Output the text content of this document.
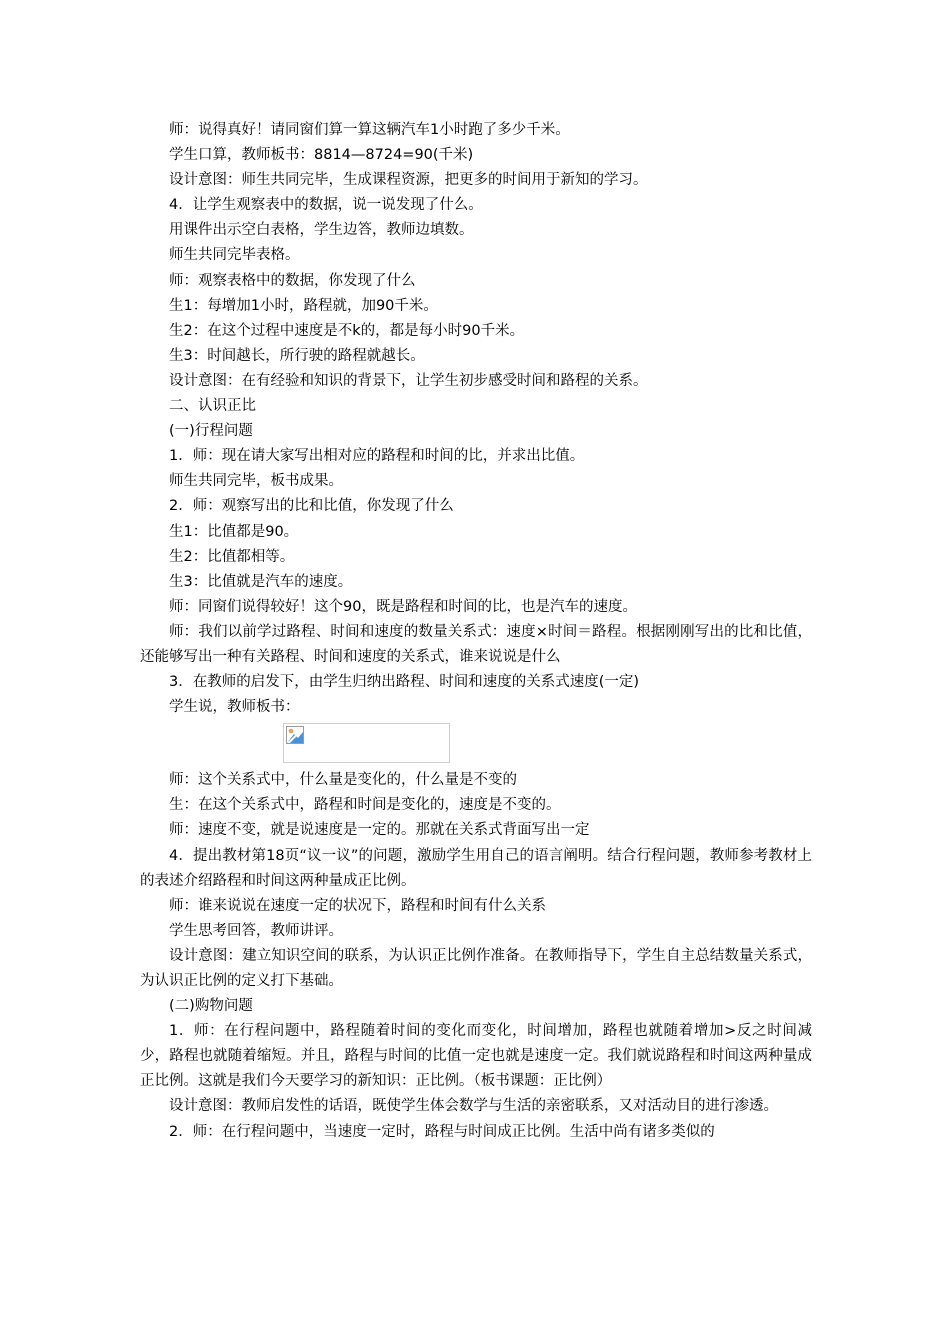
师：说得真好！请同窗们算一算这辆汽车1小时跑了多少千米。

学生口算，教师板书：8814—8724=90(千米)

设计意图：师生共同完毕，生成课程资源，把更多的时间用于新知的学习。

4．让学生观察表中的数据，说一说发现了什么。

用课件出示空白表格，学生边答，教师边填数。

师生共同完毕表格。

师：观察表格中的数据，你发现了什么

生1：每增加1小时，路程就，加90千米。

生2：在这个过程中速度是不k的，都是每小时90千米。

生3：时间越长，所行驶的路程就越长。

设计意图：在有经验和知识的背景下，让学生初步感受时间和路程的关系。

二、认识正比

(一)行程问题

1．师：现在请大家写出相对应的路程和时间的比，并求出比值。

师生共同完毕，板书成果。

2．师：观察写出的比和比值，你发现了什么

生1：比值都是90。

生2：比值都相等。

生3：比值就是汽车的速度。

师：同窗们说得较好！这个90，既是路程和时间的比，也是汽车的速度。

师：我们以前学过路程、时间和速度的数量关系式：速度×时间＝路程。根据刚刚写出的比和比值，还能够写出一种有关路程、时间和速度的关系式，谁来说说是什么

3．在教师的启发下，由学生归纳出路程、时间和速度的关系式速度(一定)

学生说，教师板书：

师：这个关系式中，什么量是变化的，什么量是不变的

生：在这个关系式中，路程和时间是变化的，速度是不变的。

师：速度不变，就是说速度是一定的。那就在关系式背面写出一定

4．提出教材第18页“议一议”的问题，激励学生用自己的语言阐明。结合行程问题，教师参考教材上的表述介绍路程和时间这两种量成正比例。

师：谁来说说在速度一定的状况下，路程和时间有什么关系

学生思考回答，教师讲评。

设计意图：建立知识空间的联系，为认识正比例作准备。在教师指导下，学生自主总结数量关系式，为认识正比例的定义打下基础。

(二)购物问题

1．师：在行程问题中，路程随着时间的变化而变化，时间增加，路程也就随着增加>反之时间减少，路程也就随着缩短。并且，路程与时间的比值一定也就是速度一定。我们就说路程和时间这两种量成正比例。这就是我们今天要学习的新知识：正比例。（板书课题：正比例）

设计意图：教师启发性的话语，既使学生体会数学与生活的亲密联系，又对活动目的进行渗透。

2．师：在行程问题中，当速度一定时，路程与时间成正比例。生活中尚有诸多类似的
